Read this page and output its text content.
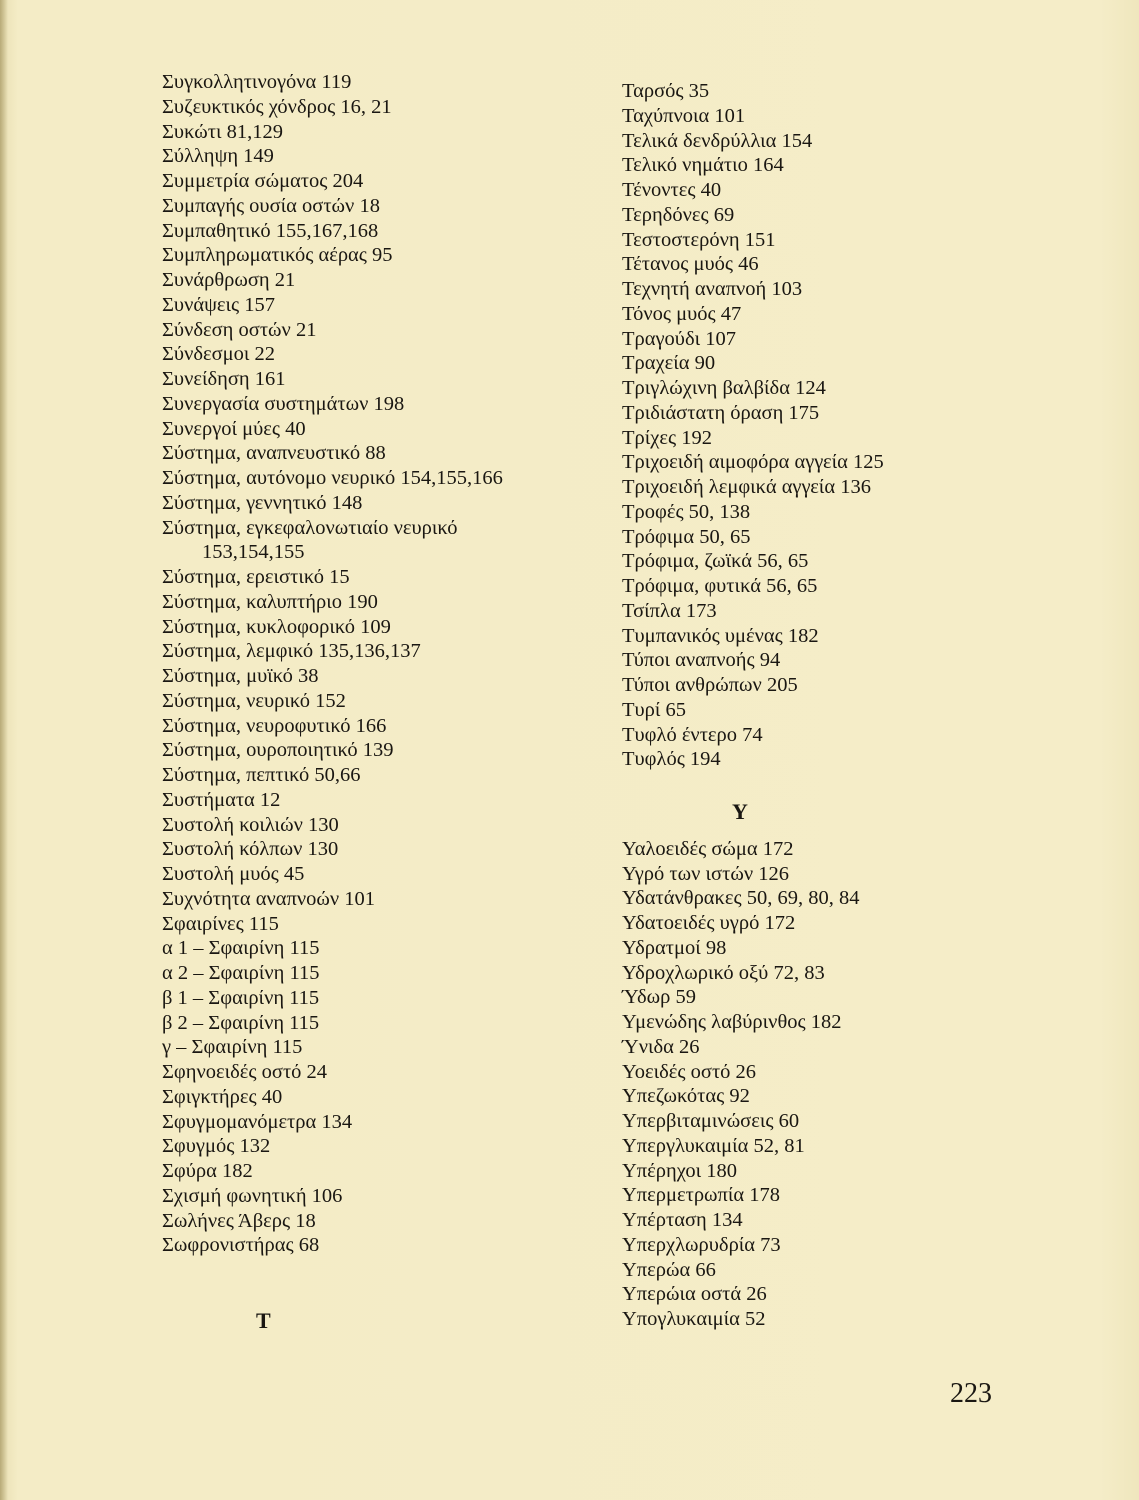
Συγκολλητινογόνα 119
Συζευκτικός χόνδρος 16, 21
Συκώτι 81,129
Σύλληψη 149
Συμμετρία σώματος 204
Συμπαγής ουσία οστών 18
Συμπαθητικό 155,167,168
Συμπληρωματικός αέρας 95
Συνάρθρωση 21
Συνάψεις 157
Σύνδεση οστών 21
Σύνδεσμοι 22
Συνείδηση 161
Συνεργασία συστημάτων 198
Συνεργοί μύες 40
Σύστημα, αναπνευστικό 88
Σύστημα, αυτόνομο νευρικό 154,155,166
Σύστημα, γεννητικό 148
Σύστημα, εγκεφαλονωτιαίο νευρικό
153,154,155
Σύστημα, ερειστικό 15
Σύστημα, καλυπτήριο 190
Σύστημα, κυκλοφορικό 109
Σύστημα, λεμφικό 135,136,137
Σύστημα, μυϊκό 38
Σύστημα, νευρικό 152
Σύστημα, νευροφυτικό 166
Σύστημα, ουροποιητικό 139
Σύστημα, πεπτικό 50,66
Συστήματα 12
Συστολή κοιλιών 130
Συστολή κόλπων 130
Συστολή μυός 45
Συχνότητα αναπνοών 101
Σφαιρίνες 115
α 1 – Σφαιρίνη 115
α 2 – Σφαιρίνη 115
β 1 – Σφαιρίνη 115
β 2 – Σφαιρίνη 115
γ – Σφαιρίνη 115
Σφηνοειδές οστό 24
Σφιγκτήρες 40
Σφυγμομανόμετρα 134
Σφυγμός 132
Σφύρα 182
Σχισμή φωνητική 106
Σωλήνες Άβερς 18
Σωφρονιστήρας 68
Τ
Ταρσός 35
Ταχύπνοια 101
Τελικά δενδρύλλια 154
Τελικό νημάτιο 164
Τένοντες 40
Τερηδόνες 69
Τεστοστερόνη 151
Τέτανος μυός 46
Τεχνητή αναπνοή 103
Τόνος μυός 47
Τραγούδι 107
Τραχεία 90
Τριγλώχινη βαλβίδα 124
Τριδιάστατη όραση 175
Τρίχες 192
Τριχοειδή αιμοφόρα αγγεία 125
Τριχοειδή λεμφικά αγγεία 136
Τροφές 50, 138
Τρόφιμα 50, 65
Τρόφιμα, ζωϊκά 56, 65
Τρόφιμα, φυτικά 56, 65
Τσίπλα 173
Τυμπανικός υμένας 182
Τύποι αναπνοής 94
Τύποι ανθρώπων 205
Τυρί 65
Τυφλό έντερο 74
Τυφλός 194
Υ
Υαλοειδές σώμα 172
Υγρό των ιστών 126
Υδατάνθρακες 50, 69, 80, 84
Υδατοειδές υγρό 172
Υδρατμοί 98
Υδροχλωρικό οξύ 72, 83
Ύδωρ 59
Υμενώδης λαβύρινθος 182
Ύνιδα 26
Υοειδές οστό 26
Υπεζωκότας 92
Υπερβιταμινώσεις 60
Υπεργλυκαιμία 52, 81
Υπέρηχοι 180
Υπερμετρωπία 178
Υπέρταση 134
Υπερχλωρυδρία 73
Υπερώα 66
Υπερώια οστά 26
Υπογλυκαιμία 52
223
